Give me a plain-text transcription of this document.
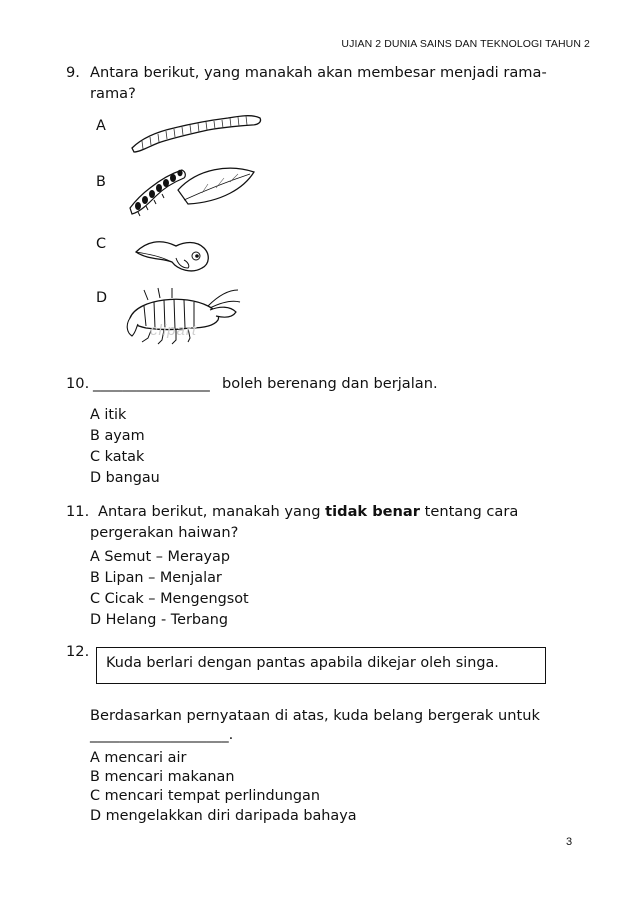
UJIAN 2 DUNIA SAINS DAN TEKNOLOGI TAHUN 2
9. Antara berikut, yang manakah akan membesar menjadi rama-
rama?
A
B
C
D
clipart
10. ________________ boleh berenang dan berjalan.
A itik
B ayam
C katak
D bangau
11. Antara berikut, manakah yang tidak benar tentang cara
pergerakan haiwan?
A Semut – Merayap
B Lipan – Menjalar
C Cicak – Mengengsot
D Helang - Terbang
12.
Kuda berlari dengan pantas apabila dikejar oleh singa.
Berdasarkan pernyataan di atas, kuda belang bergerak untuk
___________________.
A mencari air
B mencari makanan
C mencari tempat perlindungan
D mengelakkan diri daripada bahaya
3
